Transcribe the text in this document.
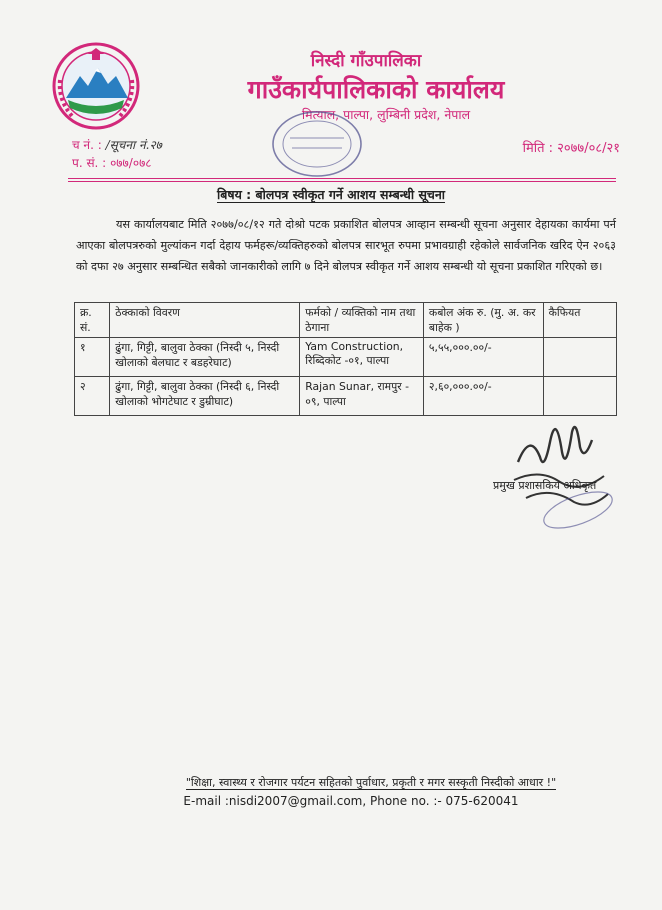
निस्दी गाँउपालिका
गाउँकार्यपालिकाको कार्यालय
मित्याल, पाल्पा, लुम्बिनी प्रदेश, नेपाल
च नं. : /सूचना नं.२७
प. सं. : ०७७/०७८
मिति : २०७७/०८/२१
बिषय : बोलपत्र स्वीकृत गर्ने आशय सम्बन्धी सूचना
यस कार्यालयबाट मिति २०७७/०८/१२ गते दोश्रो पटक प्रकाशित बोलपत्र आव्हान सम्बन्धी सूचना अनुसार देहायका कार्यमा पर्न आएका बोलपत्ररुको मुल्यांकन गर्दा देहाय फर्महरू/व्यक्तिहरुको बोलपत्र सारभूत रुपमा प्रभावग्राही रहेकोले सार्वजनिक खरिद ऐन २०६३ को दफा २७ अनुसार सम्बन्धित सबैको जानकारीको लागि ७ दिने बोलपत्र स्वीकृत गर्ने आशय सम्बन्धी यो सूचना प्रकाशित गरिएको छ।
क्र. सं.	ठेक्काको विवरण	फर्मको / व्यक्तिको नाम तथा ठेगाना	कबोल अंक रु. (मु. अ. कर बाहेक )	कैफियत
१	ढुंगा, गिट्टी, बालुवा ठेक्का (निस्दी ५, निस्दी खोलाको बेलघाट र बडहरेघाट)	Yam Construction, रिब्दिकोट -०१, पाल्पा	५,५५,०००.००/-	
२	ढुंगा, गिट्टी, बालुवा ठेक्का (निस्दी ६, निस्दी खोलाको भोगटेघाट र डुम्रीघाट)	Rajan Sunar, रामपुर - ०९, पाल्पा	२,६०,०००.००/-	
प्रमुख प्रशासकिय अधिकृत
"शिक्षा, स्वास्थ्य र रोजगार पर्यटन सहितको पुर्वाधार, प्रकृती र मगर सस्कृती निस्दीको आधार !"
E-mail :nisdi2007@gmail.com, Phone no. :- 075-620041
